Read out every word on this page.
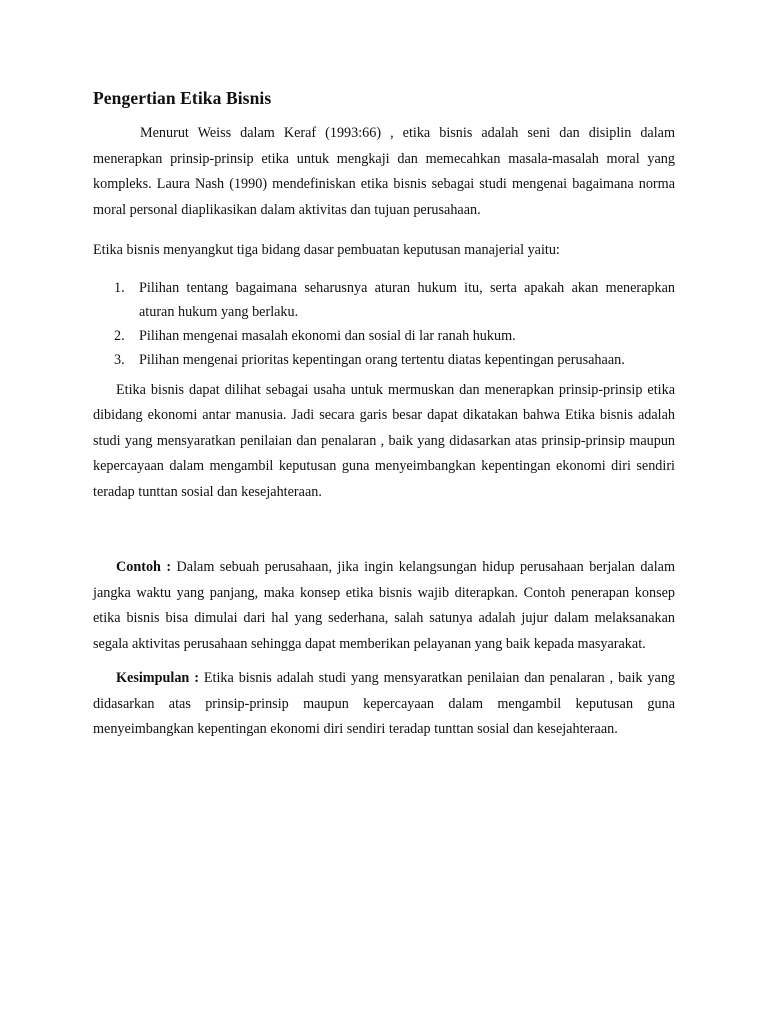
Pengertian Etika Bisnis

Menurut Weiss dalam Keraf (1993:66) , etika bisnis adalah seni dan disiplin dalam menerapkan prinsip-prinsip etika untuk mengkaji dan memecahkan masala-masalah moral yang kompleks. Laura Nash (1990) mendefiniskan etika bisnis sebagai studi mengenai bagaimana norma moral personal diaplikasikan dalam aktivitas dan tujuan perusahaan.

Etika bisnis menyangkut tiga bidang dasar pembuatan keputusan manajerial yaitu:

1. Pilihan tentang bagaimana seharusnya aturan hukum itu, serta apakah akan menerapkan aturan hukum yang berlaku.
2. Pilihan mengenai masalah ekonomi dan sosial di lar ranah hukum.
3. Pilihan mengenai prioritas kepentingan orang tertentu diatas kepentingan perusahaan.

Etika bisnis dapat dilihat sebagai usaha untuk mermuskan dan menerapkan prinsip-prinsip etika dibidang ekonomi antar manusia. Jadi secara garis besar dapat dikatakan bahwa Etika bisnis adalah studi yang mensyaratkan penilaian dan penalaran , baik yang didasarkan atas prinsip-prinsip maupun kepercayaan dalam mengambil keputusan guna menyeimbangkan kepentingan ekonomi diri sendiri teradap tunttan sosial dan kesejahteraan.

Contoh : Dalam sebuah perusahaan, jika ingin kelangsungan hidup perusahaan berjalan dalam jangka waktu yang panjang, maka konsep etika bisnis wajib diterapkan. Contoh penerapan konsep etika bisnis bisa dimulai dari hal yang sederhana, salah satunya adalah jujur dalam melaksanakan segala aktivitas perusahaan sehingga dapat memberikan pelayanan yang baik kepada masyarakat.

Kesimpulan : Etika bisnis adalah studi yang mensyaratkan penilaian dan penalaran , baik yang didasarkan atas prinsip-prinsip maupun kepercayaan dalam mengambil keputusan guna menyeimbangkan kepentingan ekonomi diri sendiri teradap tunttan sosial dan kesejahteraan.
